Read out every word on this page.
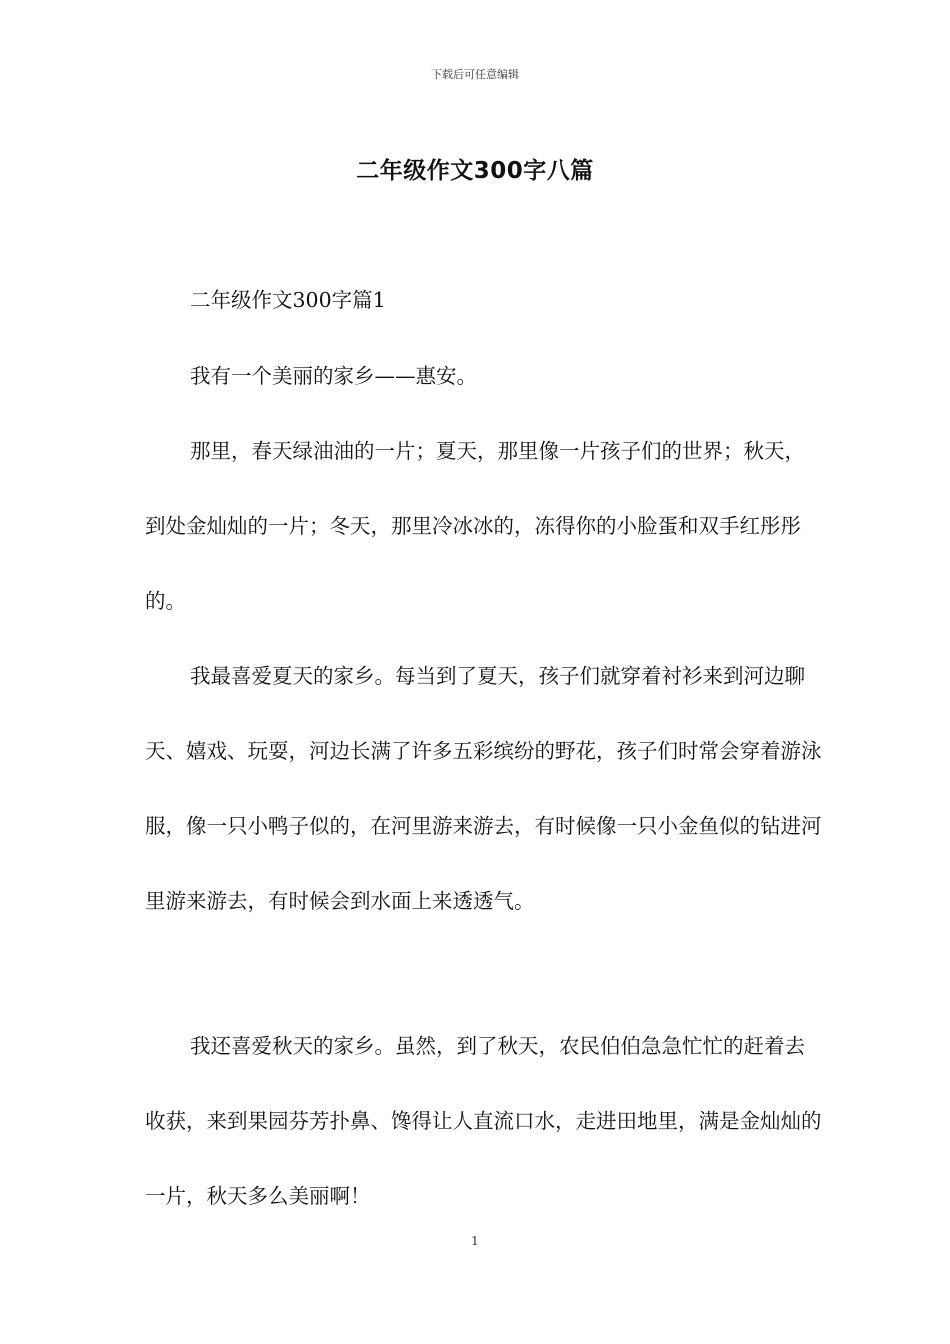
下载后可任意编辑
二年级作文300字八篇
二年级作文300字篇1

我有一个美丽的家乡——惠安。

那里，春天绿油油的一片；夏天，那里像一片孩子们的世界；秋天，到处金灿灿的一片；冬天，那里冷冰冰的，冻得你的小脸蛋和双手红彤彤的。

我最喜爱夏天的家乡。每当到了夏天，孩子们就穿着衬衫来到河边聊天、嬉戏、玩耍，河边长满了许多五彩缤纷的野花，孩子们时常会穿着游泳服，像一只小鸭子似的，在河里游来游去，有时候像一只小金鱼似的钻进河里游来游去，有时候会到水面上来透透气。

我还喜爱秋天的家乡。虽然，到了秋天，农民伯伯急急忙忙的赶着去收获，来到果园芬芳扑鼻、馋得让人直流口水，走进田地里，满是金灿灿的一片，秋天多么美丽啊！

1
